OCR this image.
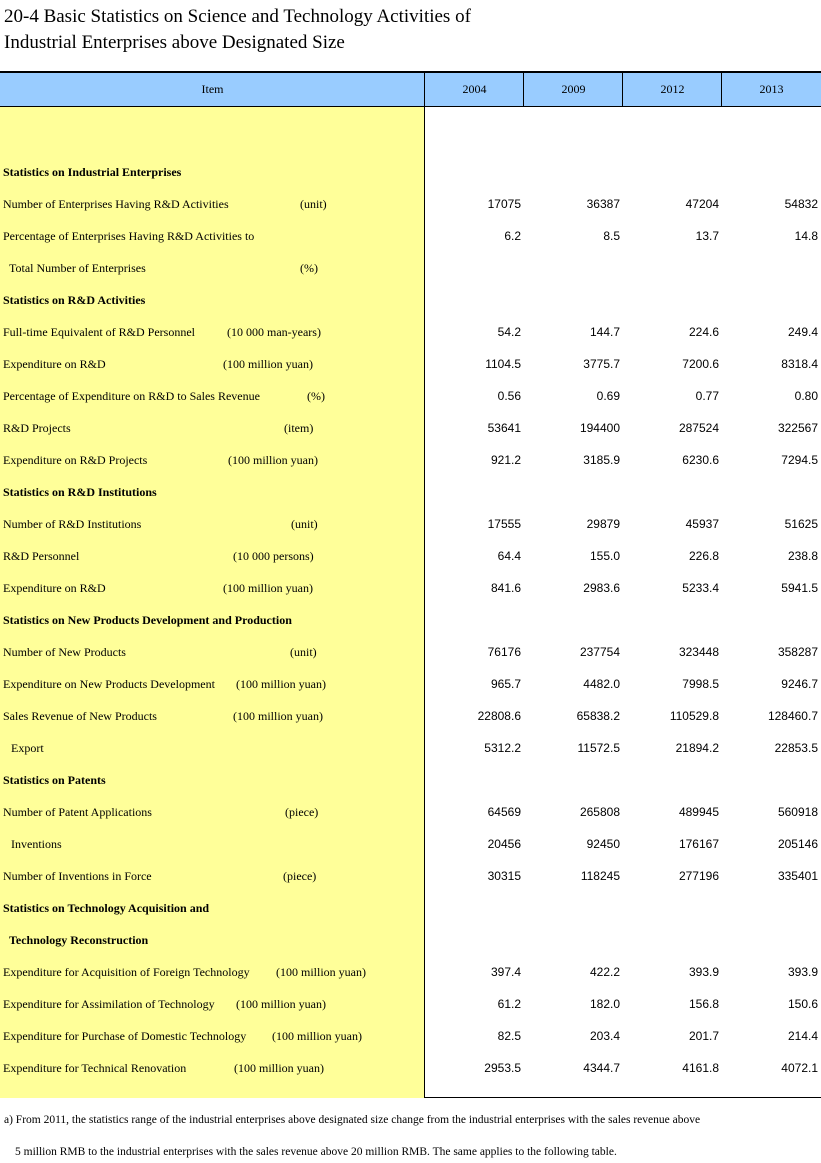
20-4 Basic Statistics on Science and Technology Activities of
Industrial Enterprises above Designated Size
Item	2004	2009	2012	2013
Statistics on Industrial Enterprises
Number of Enterprises Having R&D Activities	(unit)	17075	36387	47204	54832
Percentage of Enterprises Having R&D Activities to	6.2	8.5	13.7	14.8
Total Number of Enterprises	(%)
Statistics on R&D Activities
Full-time Equivalent of R&D Personnel	(10 000 man-years)	54.2	144.7	224.6	249.4
Expenditure on R&D	(100 million yuan)	1104.5	3775.7	7200.6	8318.4
Percentage of Expenditure on R&D to Sales Revenue	(%)	0.56	0.69	0.77	0.80
R&D Projects	(item)	53641	194400	287524	322567
Expenditure on R&D Projects	(100 million yuan)	921.2	3185.9	6230.6	7294.5
Statistics on R&D Institutions
Number of R&D Institutions	(unit)	17555	29879	45937	51625
R&D Personnel	(10 000 persons)	64.4	155.0	226.8	238.8
Expenditure on R&D	(100 million yuan)	841.6	2983.6	5233.4	5941.5
Statistics on New Products Development and Production
Number of New Products	(unit)	76176	237754	323448	358287
Expenditure on New Products Development (100 million yuan)	965.7	4482.0	7998.5	9246.7
Sales Revenue of New Products	(100 million yuan)	22808.6	65838.2	110529.8	128460.7
Export	5312.2	11572.5	21894.2	22853.5
Statistics on Patents
Number of Patent Applications	(piece)	64569	265808	489945	560918
Inventions	20456	92450	176167	205146
Number of Inventions in Force	(piece)	30315	118245	277196	335401
Statistics on Technology Acquisition and
Technology Reconstruction
Expenditure for Acquisition of Foreign Technology (100 million yuan)	397.4	422.2	393.9	393.9
Expenditure for Assimilation of Technology (100 million yuan)	61.2	182.0	156.8	150.6
Expenditure for Purchase of Domestic Technology (100 million yuan)	82.5	203.4	201.7	214.4
Expenditure for Technical Renovation	(100 million yuan)	2953.5	4344.7	4161.8	4072.1
a) From 2011, the statistics range of the industrial enterprises above designated size change from the industrial enterprises with the sales revenue above
5 million RMB to the industrial enterprises with the sales revenue above 20 million RMB. The same applies to the following table.
